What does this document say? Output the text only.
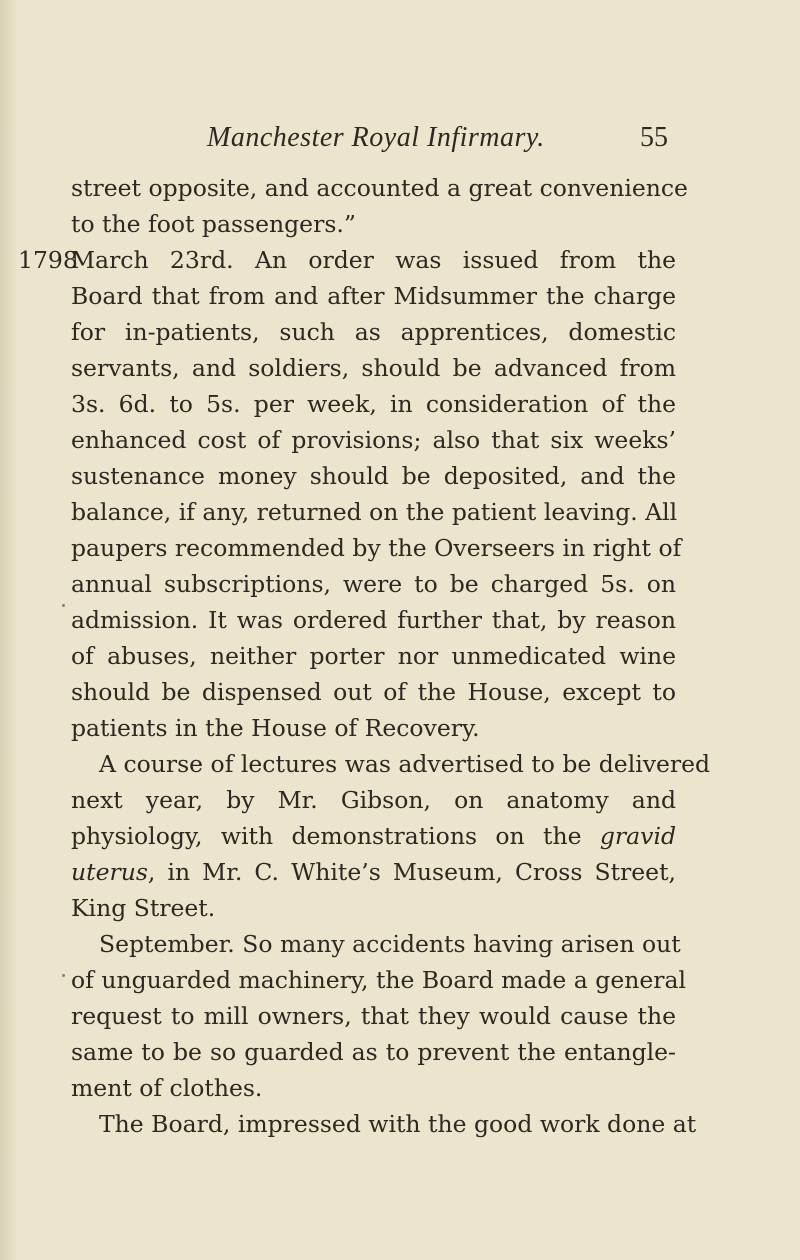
Manchester Royal Infirmary.	55
1798
street opposite, and accounted a great convenience
to the foot passengers.”
March 23rd. An order was issued from the
Board that from and after Midsummer the charge
for in-patients, such as apprentices, domestic
servants, and soldiers, should be advanced from
3s. 6d. to 5s. per week, in consideration of the
enhanced cost of provisions; also that six weeks’
sustenance money should be deposited, and the
balance, if any, returned on the patient leaving. All
paupers recommended by the Overseers in right of
annual subscriptions, were to be charged 5s. on
admission. It was ordered further that, by reason
of abuses, neither porter nor unmedicated wine
should be dispensed out of the House, except to
patients in the House of Recovery.
A course of lectures was advertised to be delivered
next year, by Mr. Gibson, on anatomy and
physiology, with demonstrations on the gravid
uterus, in Mr. C. White’s Museum, Cross Street,
King Street.
September. So many accidents having arisen out
of unguarded machinery, the Board made a general
request to mill owners, that they would cause the
same to be so guarded as to prevent the entangle-
ment of clothes.
The Board, impressed with the good work done at
